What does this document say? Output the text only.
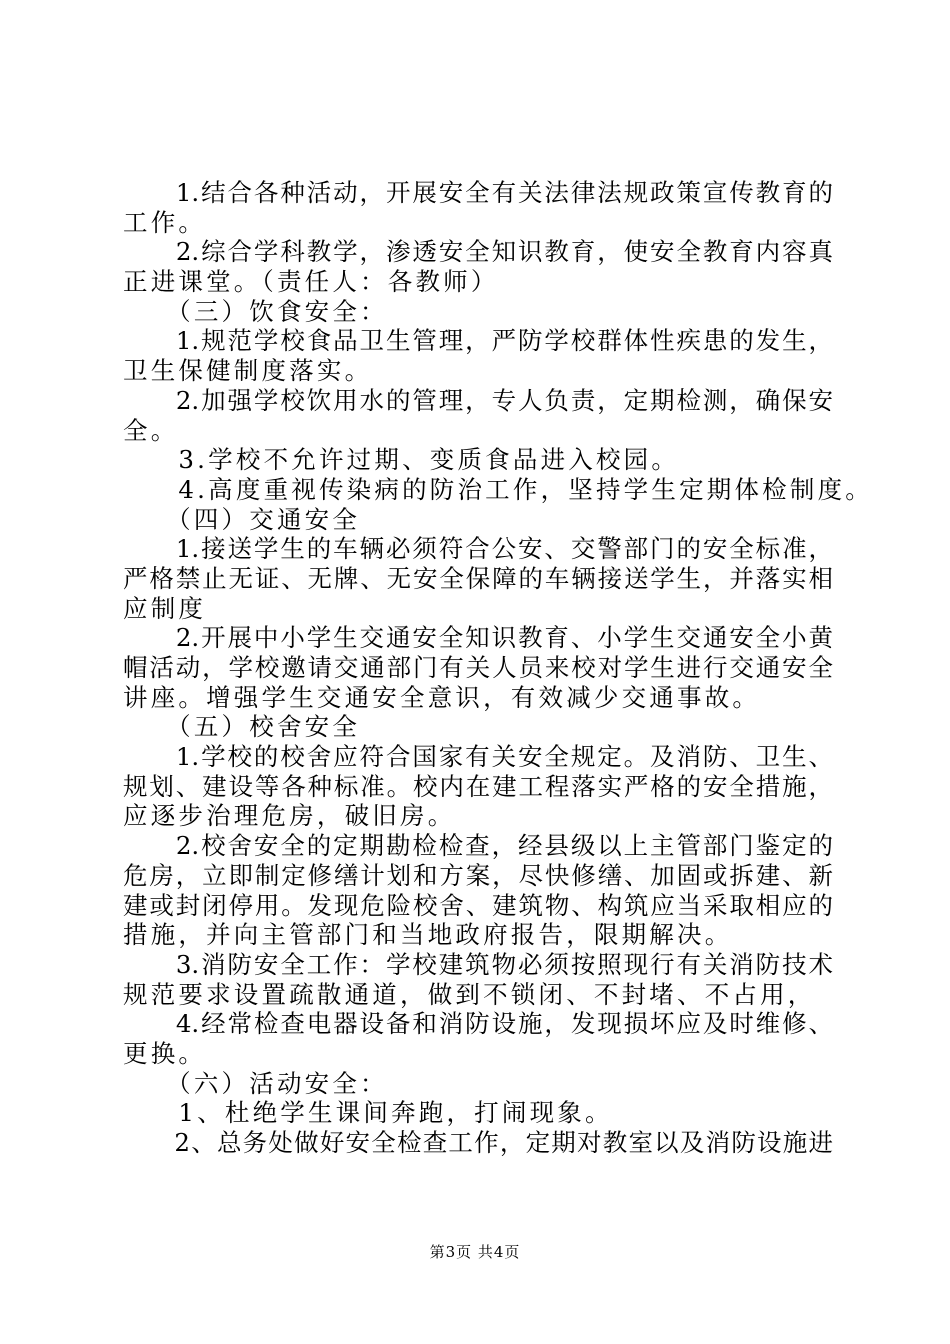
　　1.结合各种活动，开展安全有关法律法规政策宣传教育的
工作。
　　2.综合学科教学，渗透安全知识教育，使安全教育内容真
正进课堂。（责任人：各教师）
　　（三）饮食安全：
　　1.规范学校食品卫生管理，严防学校群体性疾患的发生，
卫生保健制度落实。
　　2.加强学校饮用水的管理，专人负责，定期检测，确保安
全。
　　3.学校不允许过期、变质食品进入校园。
　　4.高度重视传染病的防治工作，坚持学生定期体检制度。
　　（四）交通安全
　　1.接送学生的车辆必须符合公安、交警部门的安全标准，
严格禁止无证、无牌、无安全保障的车辆接送学生，并落实相
应制度
　　2.开展中小学生交通安全知识教育、小学生交通安全小黄
帽活动，学校邀请交通部门有关人员来校对学生进行交通安全
讲座。增强学生交通安全意识，有效减少交通事故。
　　（五）校舍安全
　　1.学校的校舍应符合国家有关安全规定。及消防、卫生、
规划、建设等各种标准。校内在建工程落实严格的安全措施，
应逐步治理危房，破旧房。
　　2.校舍安全的定期勘检检查，经县级以上主管部门鉴定的
危房，立即制定修缮计划和方案，尽快修缮、加固或拆建、新
建或封闭停用。发现危险校舍、建筑物、构筑应当采取相应的
措施，并向主管部门和当地政府报告，限期解决。
　　3.消防安全工作：学校建筑物必须按照现行有关消防技术
规范要求设置疏散通道，做到不锁闭、不封堵、不占用，
　　4.经常检查电器设备和消防设施，发现损坏应及时维修、
更换。
　　（六）活动安全：
　　1、杜绝学生课间奔跑，打闹现象。
　　2、总务处做好安全检查工作，定期对教室以及消防设施进
第3页 共4页
